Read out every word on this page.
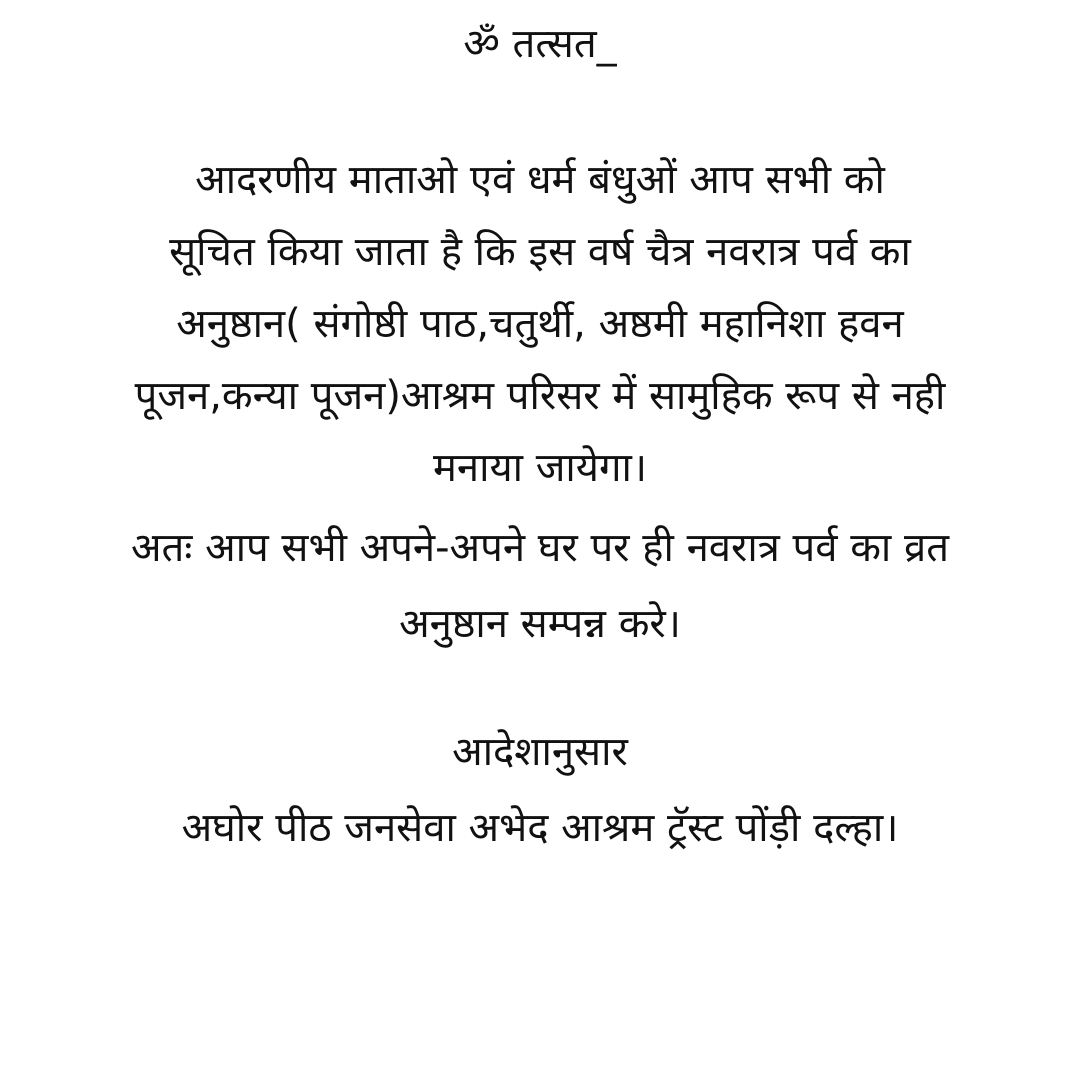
ॐ तत्सत_
आदरणीय माताओ एवं धर्म बंधुओं आप सभी को
सूचित किया जाता है कि इस वर्ष चैत्र नवरात्र पर्व का
अनुष्ठान( संगोष्ठी पाठ,चतुर्थी, अष्ठमी महानिशा हवन
पूजन,कन्या पूजन)आश्रम परिसर में सामुहिक रूप से नही
मनाया जायेगा।
अतः आप सभी अपने-अपने घर पर ही नवरात्र पर्व का व्रत
अनुष्ठान सम्पन्न करे।
आदेशानुसार
अघोर पीठ जनसेवा अभेद आश्रम ट्रॅस्ट पोंड़ी दल्हा।
